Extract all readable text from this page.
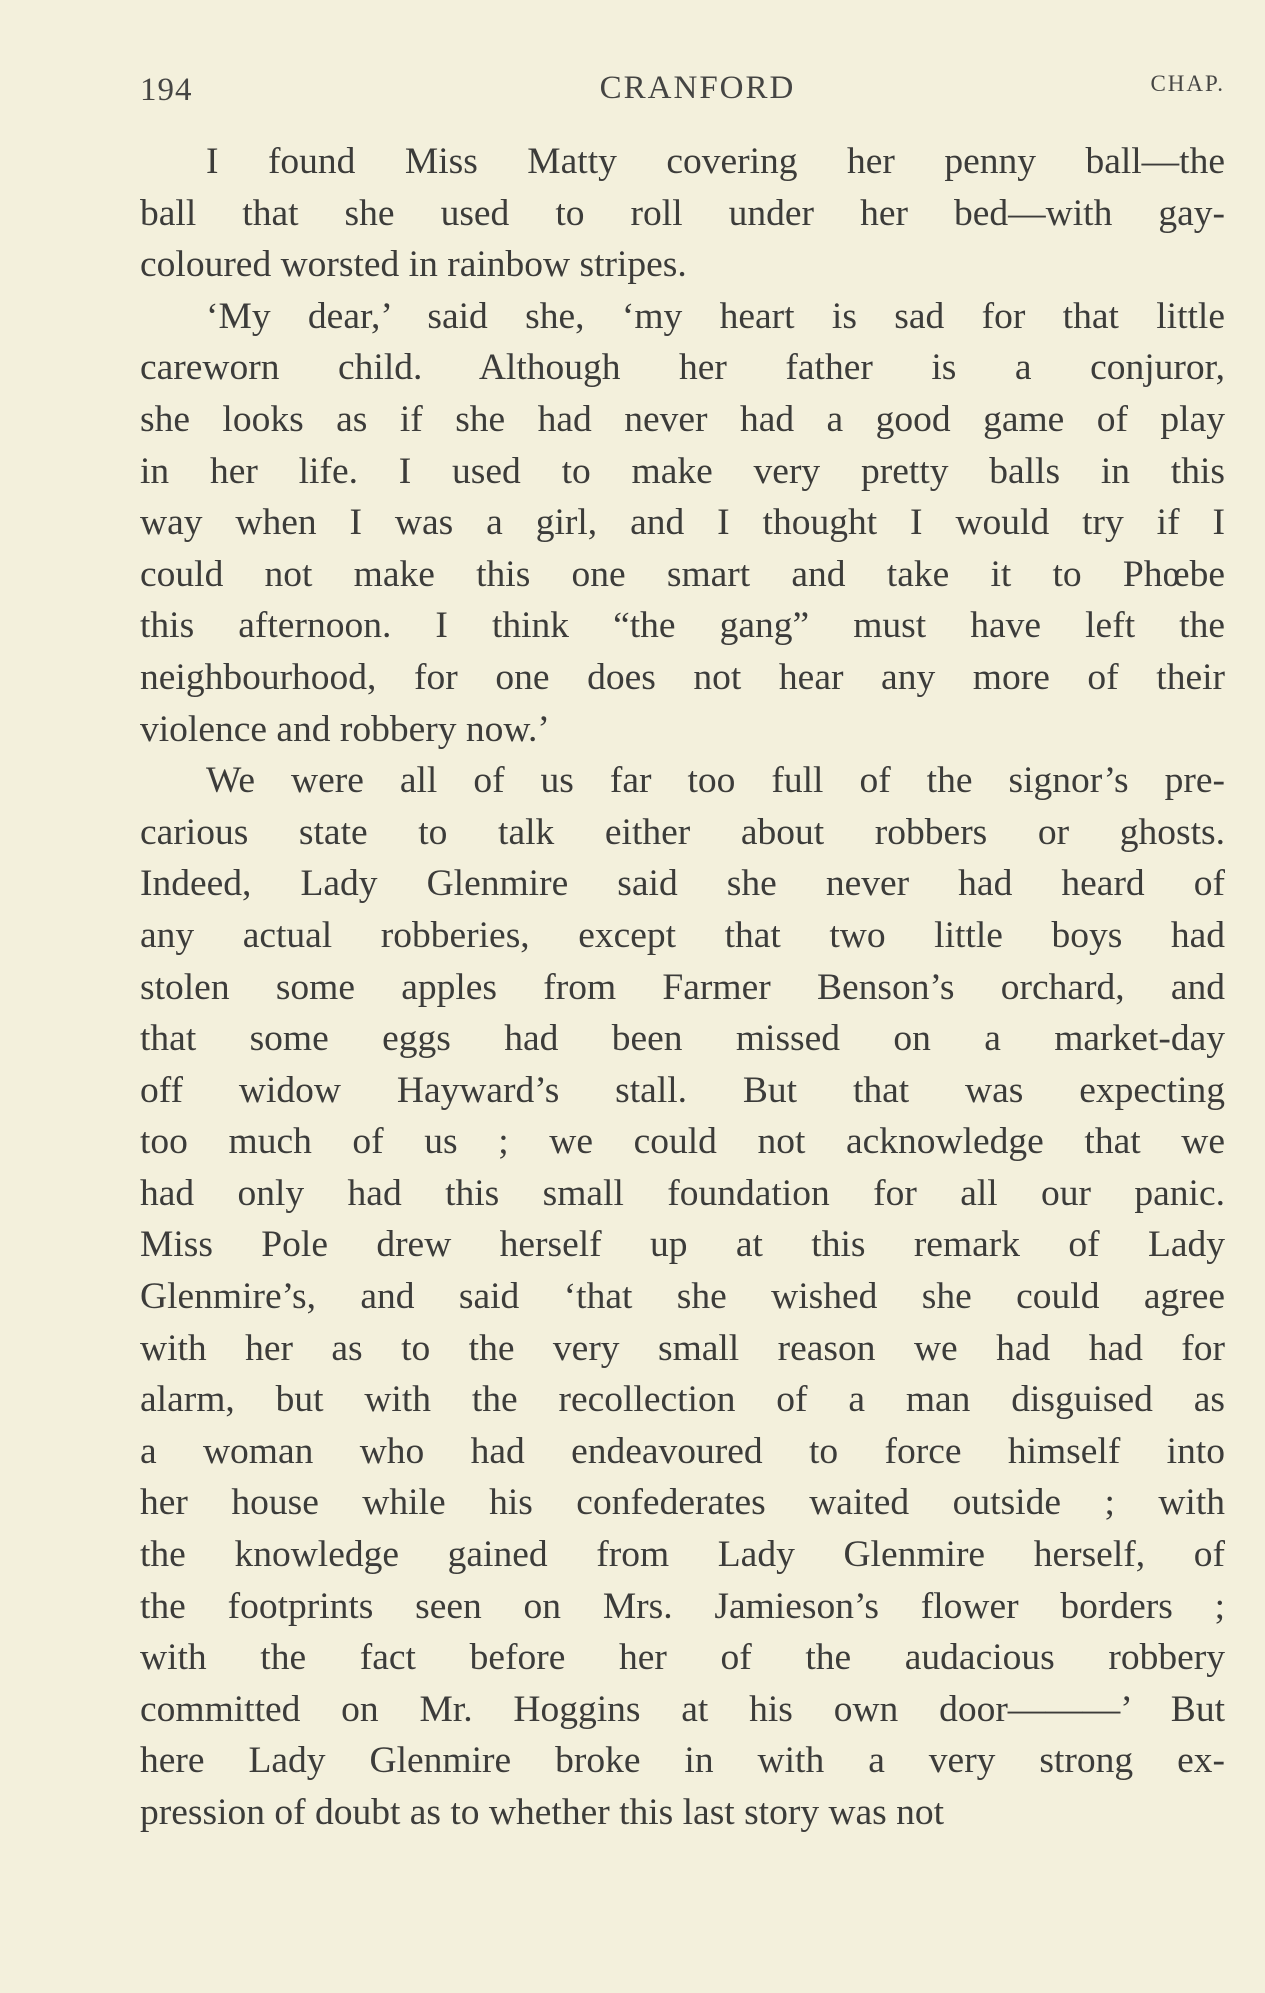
194	CRANFORD	CHAP.
I found Miss Matty covering her penny ball—the
ball that she used to roll under her bed—with gay-
coloured worsted in rainbow stripes.
‘My dear,’ said she, ‘my heart is sad for that little
careworn child. Although her father is a conjuror,
she looks as if she had never had a good game of play
in her life. I used to make very pretty balls in this
way when I was a girl, and I thought I would try if I
could not make this one smart and take it to Phœbe
this afternoon. I think “the gang” must have left the
neighbourhood, for one does not hear any more of their
violence and robbery now.’
We were all of us far too full of the signor’s pre-
carious state to talk either about robbers or ghosts.
Indeed, Lady Glenmire said she never had heard of
any actual robberies, except that two little boys had
stolen some apples from Farmer Benson’s orchard, and
that some eggs had been missed on a market-day
off widow Hayward’s stall. But that was expecting
too much of us ; we could not acknowledge that we
had only had this small foundation for all our panic.
Miss Pole drew herself up at this remark of Lady
Glenmire’s, and said ‘that she wished she could agree
with her as to the very small reason we had had for
alarm, but with the recollection of a man disguised as
a woman who had endeavoured to force himself into
her house while his confederates waited outside ; with
the knowledge gained from Lady Glenmire herself, of
the footprints seen on Mrs. Jamieson’s flower borders ;
with the fact before her of the audacious robbery
committed on Mr. Hoggins at his own door———’ But
here Lady Glenmire broke in with a very strong ex-
pression of doubt as to whether this last story was not
